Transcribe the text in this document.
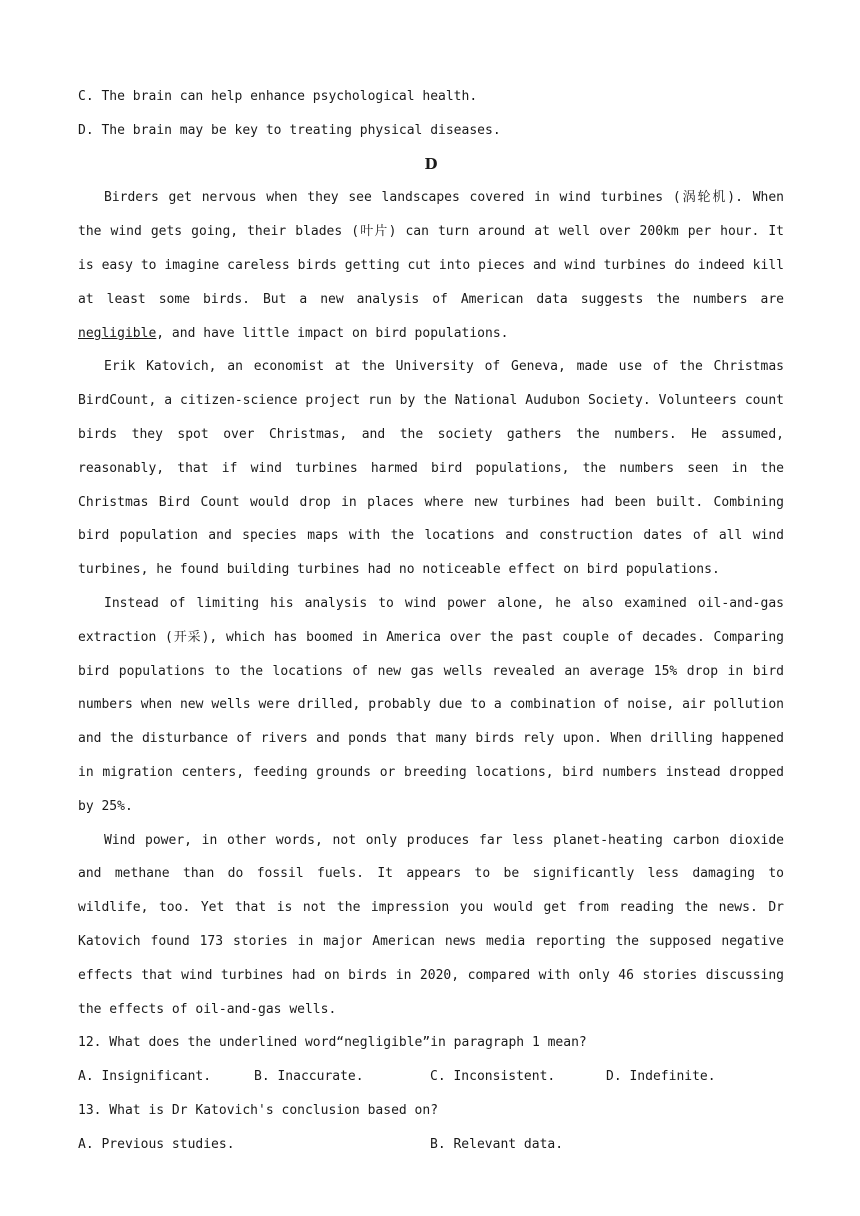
C. The brain can help enhance psychological health.

D. The brain may be key to treating physical diseases.

D

Birders get nervous when they see landscapes covered in wind turbines (涡轮机). When the wind gets going, their blades (叶片) can turn around at well over 200km per hour. It is easy to imagine careless birds getting cut into pieces and wind turbines do indeed kill at least some birds. But a new analysis of American data suggests the numbers are negligible, and have little impact on bird populations.

Erik Katovich, an economist at the University of Geneva, made use of the Christmas BirdCount, a citizen-science project run by the National Audubon Society. Volunteers count birds they spot over Christmas, and the society gathers the numbers. He assumed, reasonably, that if wind turbines harmed bird populations, the numbers seen in the Christmas Bird Count would drop in places where new turbines had been built. Combining bird population and species maps with the locations and construction dates of all wind turbines, he found building turbines had no noticeable effect on bird populations.

Instead of limiting his analysis to wind power alone, he also examined oil-and-gas extraction (开采), which has boomed in America over the past couple of decades. Comparing bird populations to the locations of new gas wells revealed an average 15% drop in bird numbers when new wells were drilled, probably due to a combination of noise, air pollution and the disturbance of rivers and ponds that many birds rely upon. When drilling happened in migration centers, feeding grounds or breeding locations, bird numbers instead dropped by 25%.

Wind power, in other words, not only produces far less planet-heating carbon dioxide and methane than do fossil fuels. It appears to be significantly less damaging to wildlife, too. Yet that is not the impression you would get from reading the news. Dr Katovich found 173 stories in major American news media reporting the supposed negative effects that wind turbines had on birds in 2020, compared with only 46 stories discussing the effects of oil-and-gas wells.

12. What does the underlined word“negligible”in paragraph 1 mean?

A. Insignificant.	B. Inaccurate.	C. Inconsistent.	D. Indefinite.

13. What is Dr Katovich's conclusion based on?

A. Previous studies.	B. Relevant data.
